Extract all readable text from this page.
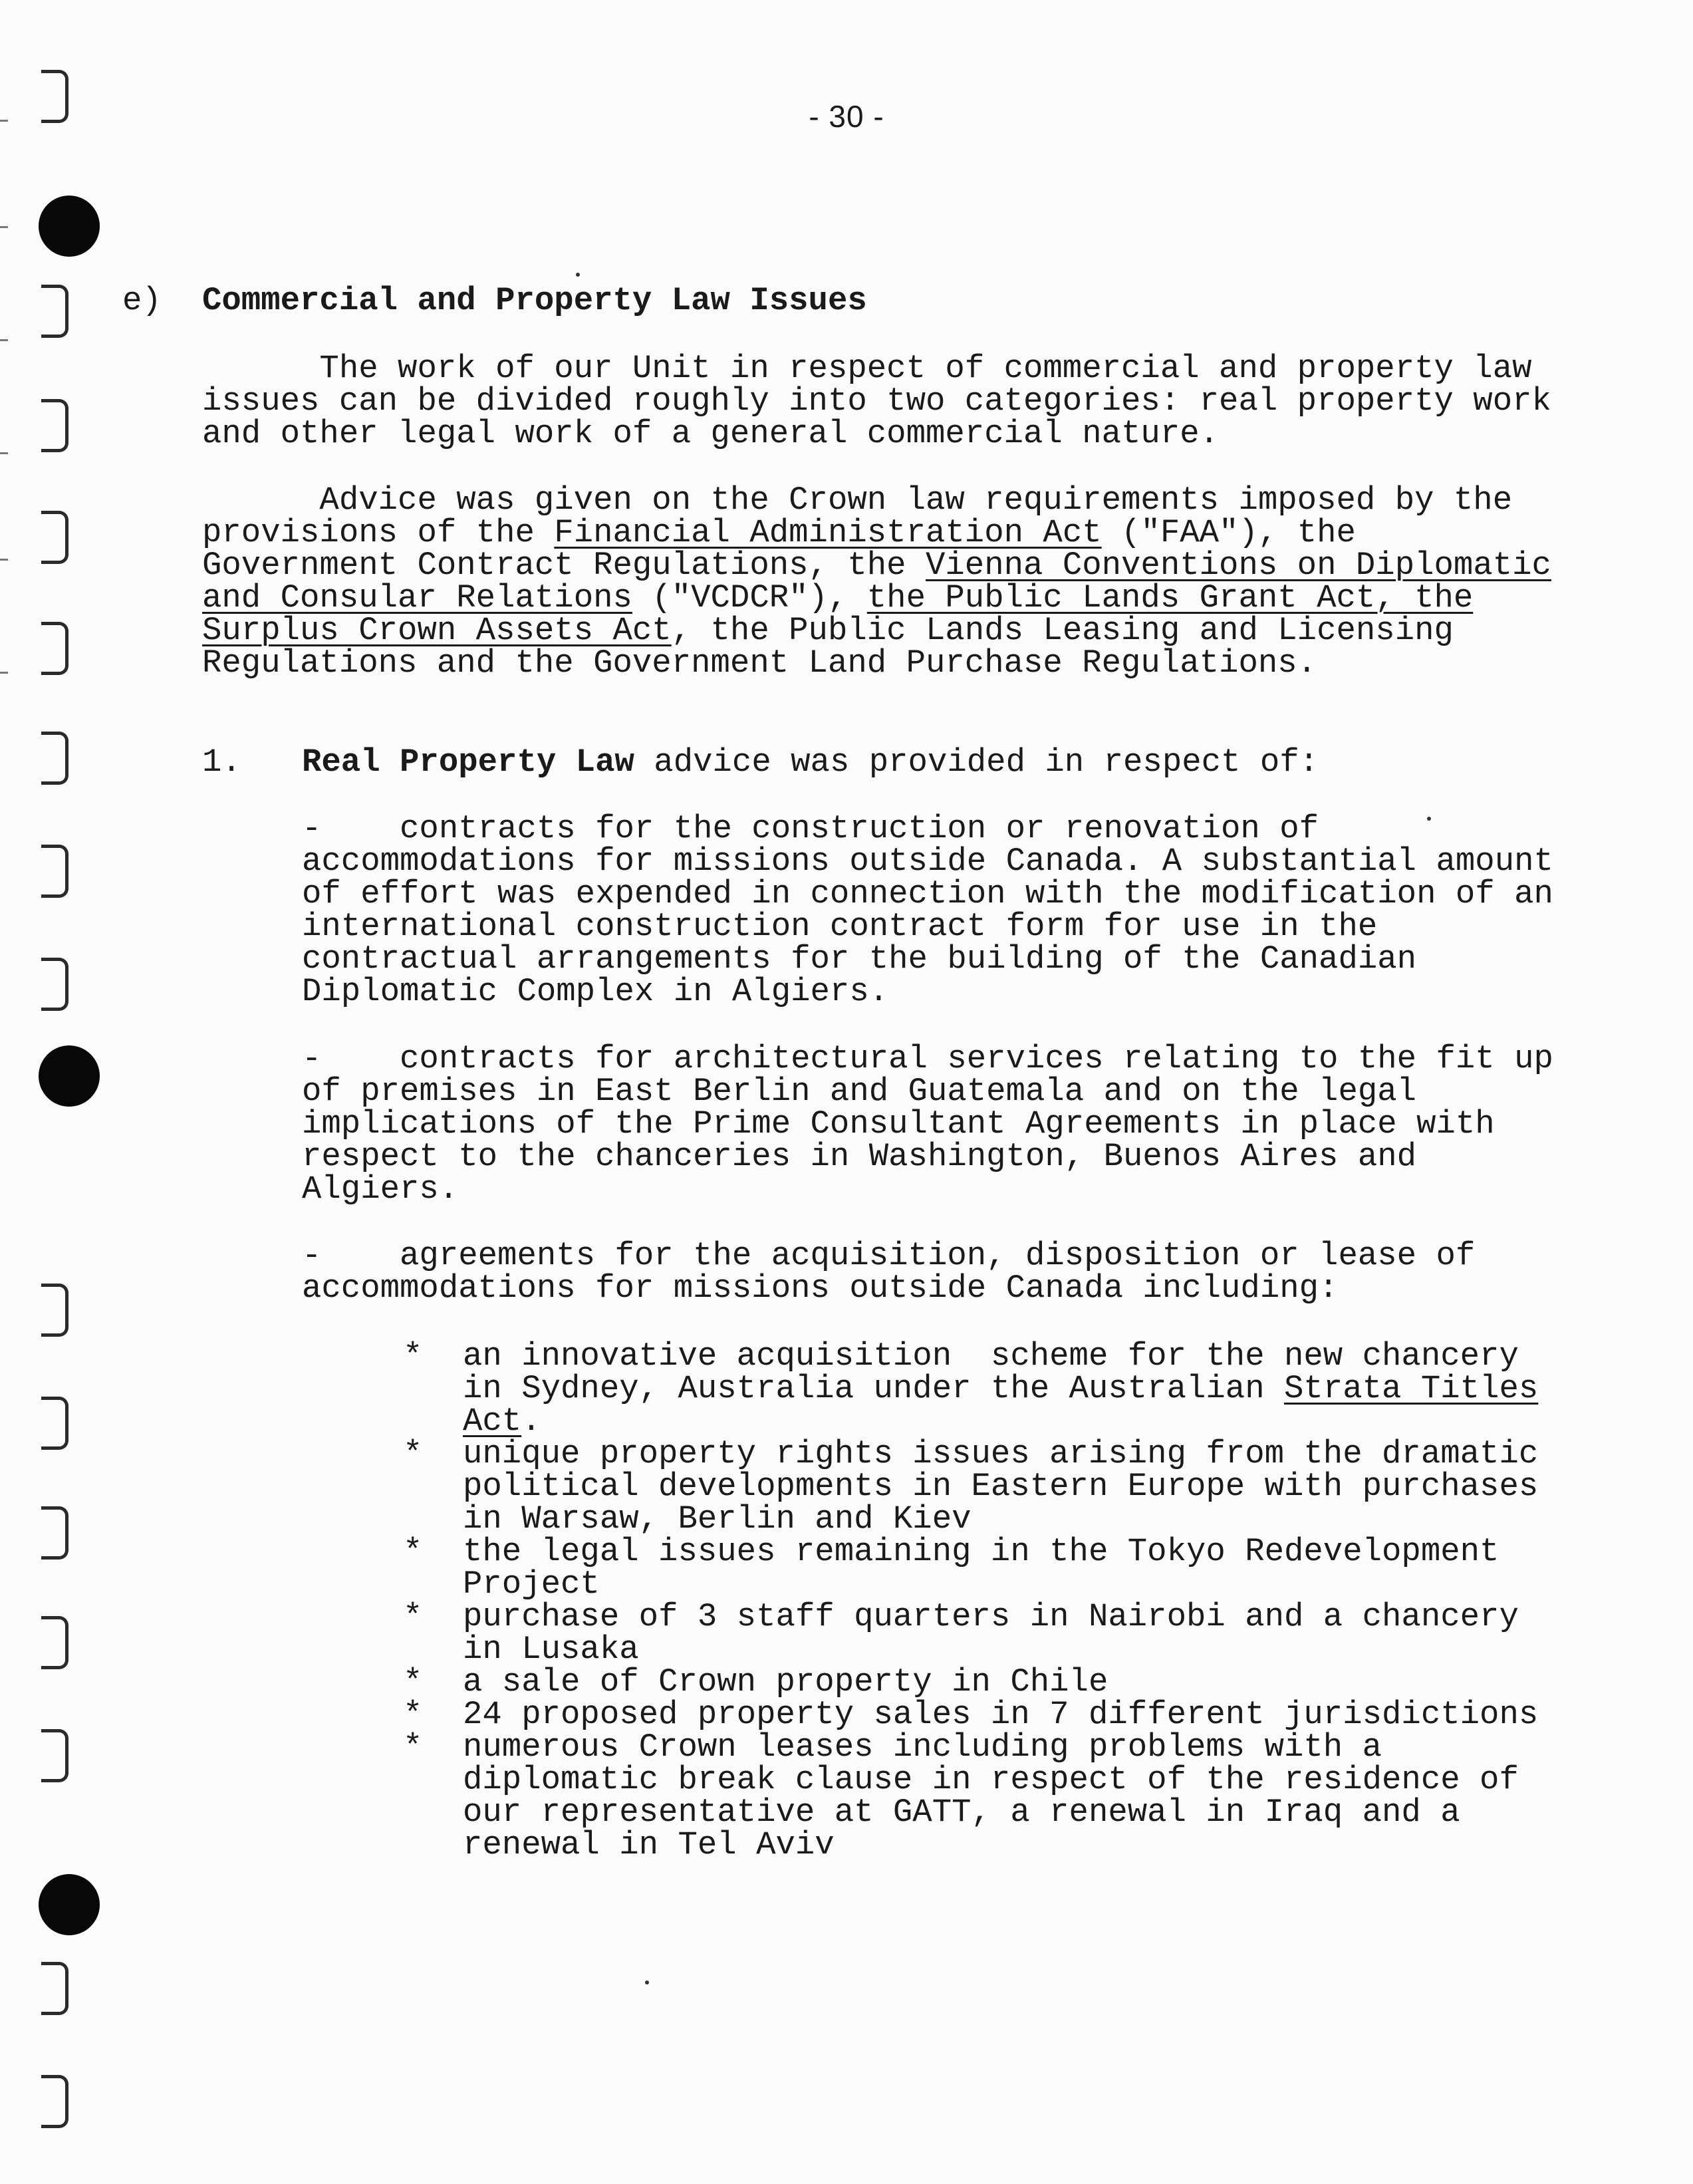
- 30 -
e) Commercial and Property Law Issues
The work of our Unit in respect of commercial and property law
issues can be divided roughly into two categories: real property work
and other legal work of a general commercial nature.
Advice was given on the Crown law requirements imposed by the
provisions of the Financial Administration Act ("FAA"), the
Government Contract Regulations, the Vienna Conventions on Diplomatic
and Consular Relations ("VCDCR"), the Public Lands Grant Act, the
Surplus Crown Assets Act, the Public Lands Leasing and Licensing
Regulations and the Government Land Purchase Regulations.
1. Real Property Law advice was provided in respect of:
-    contracts for the construction or renovation of
accommodations for missions outside Canada. A substantial amount
of effort was expended in connection with the modification of an
international construction contract form for use in the
contractual arrangements for the building of the Canadian
Diplomatic Complex in Algiers.
-    contracts for architectural services relating to the fit up
of premises in East Berlin and Guatemala and on the legal
implications of the Prime Consultant Agreements in place with
respect to the chanceries in Washington, Buenos Aires and
Algiers.
-    agreements for the acquisition, disposition or lease of
accommodations for missions outside Canada including:
* an innovative acquisition  scheme for the new chancery
in Sydney, Australia under the Australian Strata Titles
Act.
* unique property rights issues arising from the dramatic
political developments in Eastern Europe with purchases
in Warsaw, Berlin and Kiev
* the legal issues remaining in the Tokyo Redevelopment
Project
* purchase of 3 staff quarters in Nairobi and a chancery
in Lusaka
* a sale of Crown property in Chile
* 24 proposed property sales in 7 different jurisdictions
* numerous Crown leases including problems with a
diplomatic break clause in respect of the residence of
our representative at GATT, a renewal in Iraq and a
renewal in Tel Aviv
